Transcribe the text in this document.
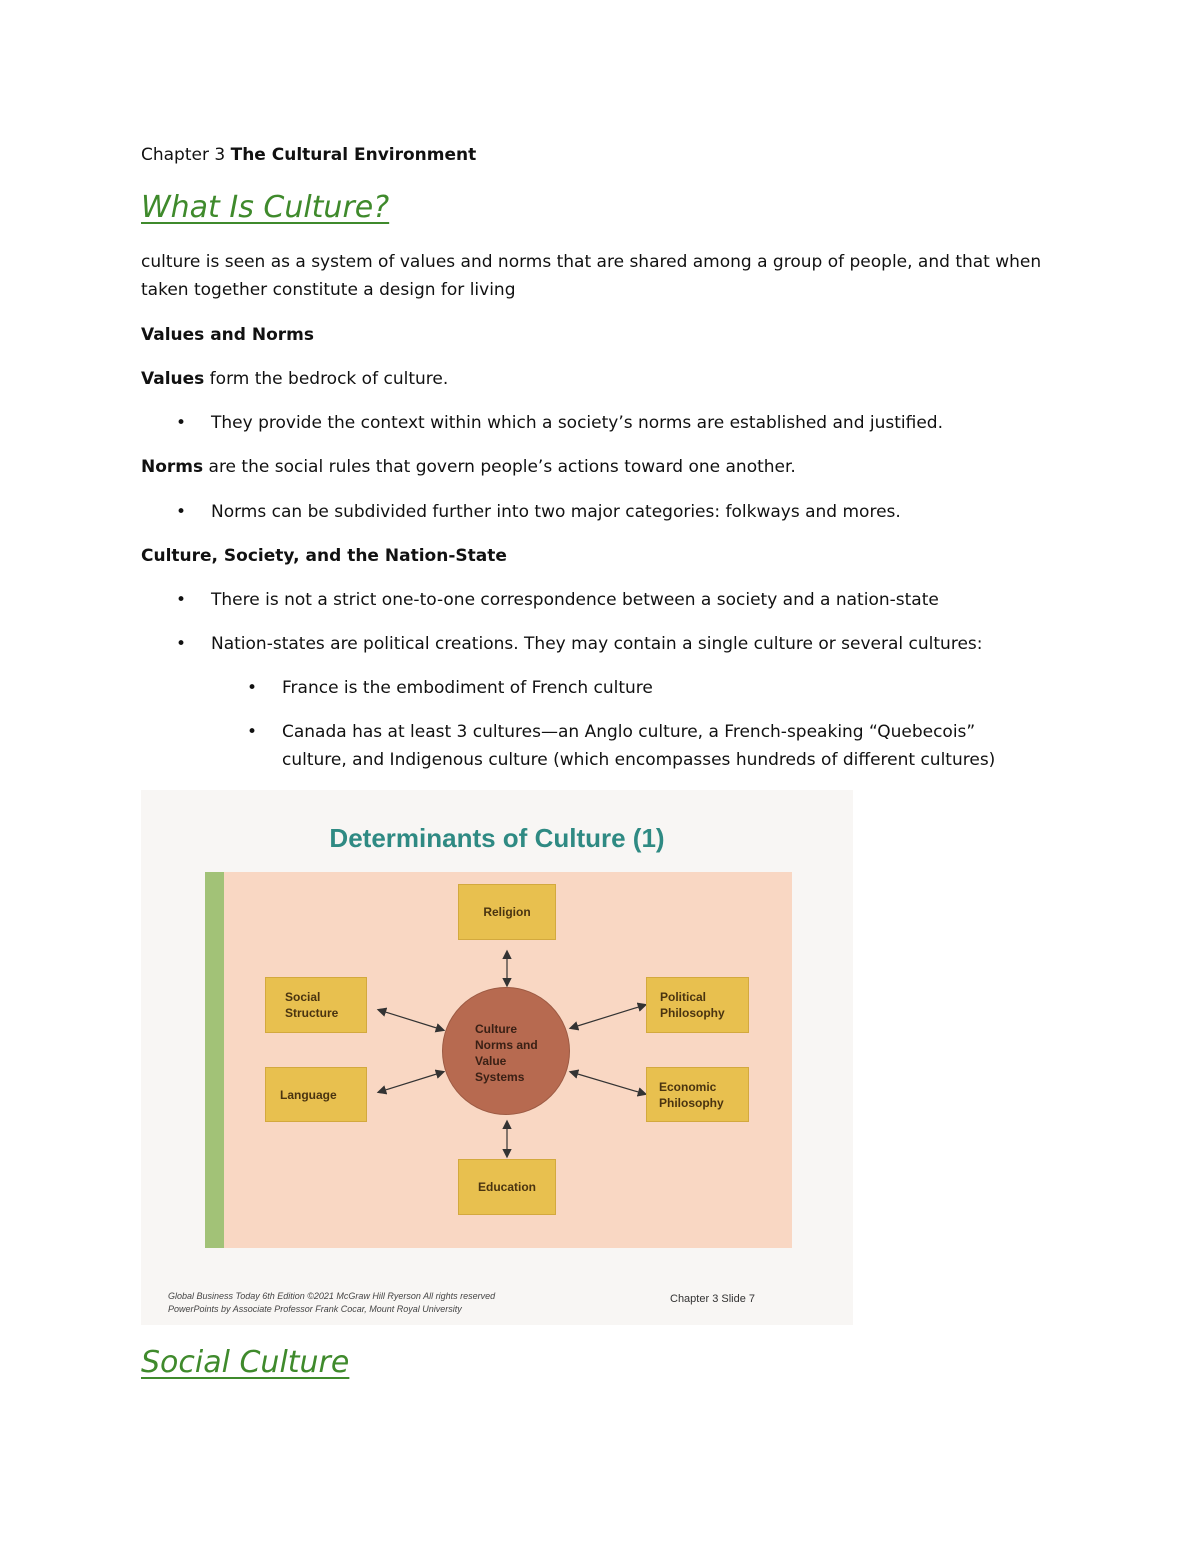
Chapter 3 The Cultural Environment
What Is Culture?
culture is seen as a system of values and norms that are shared among a group of people, and that when
taken together constitute a design for living
Values and Norms
Values form the bedrock of culture.
•	They provide the context within which a society’s norms are established and justified.
Norms are the social rules that govern people’s actions toward one another.
•	Norms can be subdivided further into two major categories: folkways and mores.
Culture, Society, and the Nation-State
•	There is not a strict one-to-one correspondence between a society and a nation-state
•	Nation-states are political creations. They may contain a single culture or several cultures:
•	France is the embodiment of French culture
•	Canada has at least 3 cultures—an Anglo culture, a French-speaking “Quebecois”
culture, and Indigenous culture (which encompasses hundreds of different cultures)
Determinants of Culture (1)
Religion
Social
Structure
Political
Philosophy
Language
Economic
Philosophy
Education
Culture
Norms and
Value
Systems
Global Business Today 6th Edition ©2021 McGraw Hill Ryerson All rights reserved
PowerPoints by Associate Professor Frank Cocar, Mount Royal University
Chapter 3 Slide 7
Social Culture
